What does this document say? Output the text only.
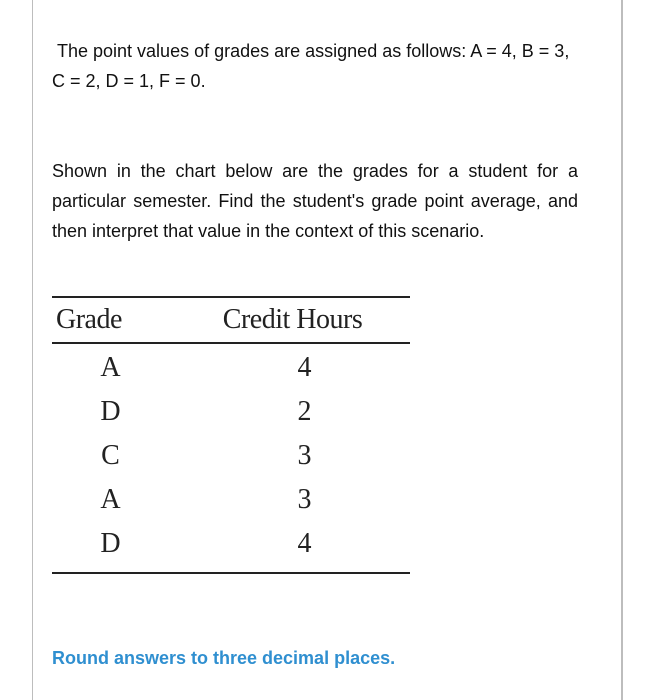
The point values of grades are assigned as follows: A = 4, B = 3, C = 2, D = 1, F = 0.

Shown in the chart below are the grades for a student for a particular semester. Find the student's grade point average, and then interpret that value in the context of this scenario.

Grade	Credit Hours
A	4
D	2
C	3
A	3
D	4
Round answers to three decimal places.
